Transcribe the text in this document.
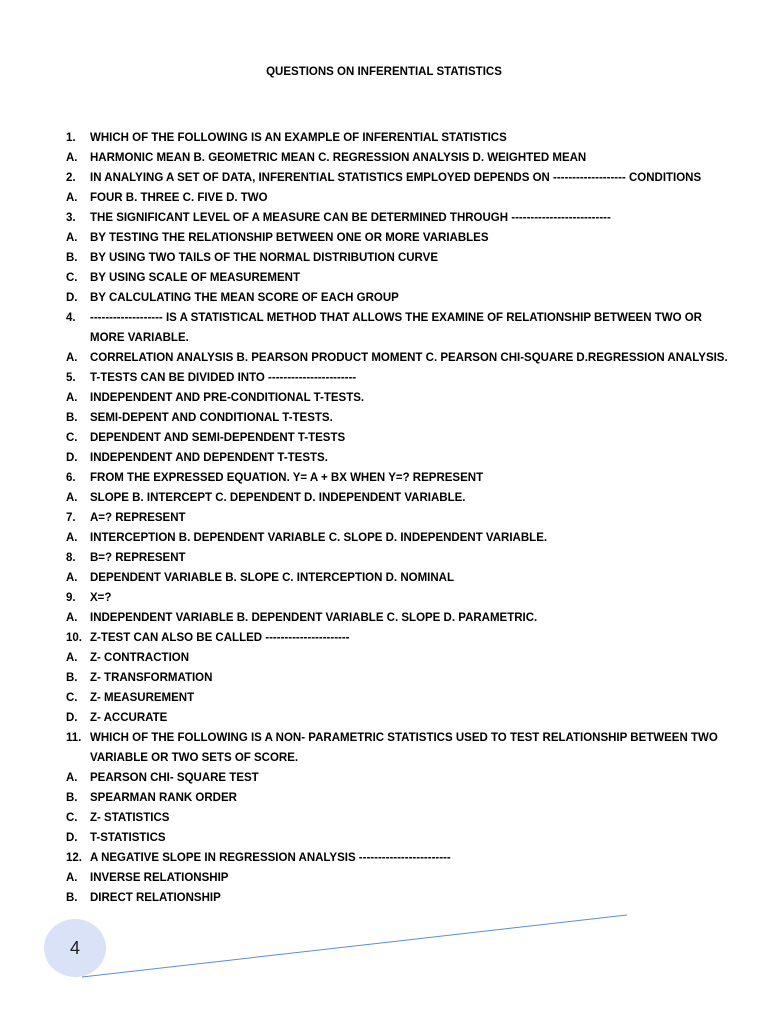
QUESTIONS ON INFERENTIAL STATISTICS
1.	WHICH OF THE FOLLOWING IS AN EXAMPLE OF INFERENTIAL STATISTICS
A.	HARMONIC MEAN B. GEOMETRIC MEAN C. REGRESSION ANALYSIS D. WEIGHTED MEAN
2.	IN ANALYING A SET OF DATA, INFERENTIAL STATISTICS EMPLOYED DEPENDS ON ------------------- CONDITIONS
A.	FOUR B. THREE C. FIVE D. TWO
3.	THE SIGNIFICANT LEVEL OF A MEASURE CAN BE DETERMINED THROUGH --------------------------
A.	BY TESTING THE RELATIONSHIP BETWEEN ONE OR MORE VARIABLES
B.	BY USING TWO TAILS OF THE NORMAL DISTRIBUTION CURVE
C.	BY USING SCALE OF MEASUREMENT
D.	BY CALCULATING THE MEAN SCORE OF EACH GROUP
4.	------------------- IS A STATISTICAL METHOD THAT ALLOWS THE EXAMINE OF RELATIONSHIP BETWEEN TWO OR
MORE VARIABLE.
A.	CORRELATION ANALYSIS B. PEARSON PRODUCT MOMENT C. PEARSON CHI-SQUARE D.REGRESSION ANALYSIS.
5.	T-TESTS CAN BE DIVIDED INTO -----------------------
A.	INDEPENDENT AND PRE-CONDITIONAL T-TESTS.
B.	SEMI-DEPENT AND CONDITIONAL T-TESTS.
C.	DEPENDENT AND SEMI-DEPENDENT T-TESTS
D.	INDEPENDENT AND DEPENDENT T-TESTS.
6.	FROM THE EXPRESSED EQUATION. Y= A + BX WHEN Y=? REPRESENT
A.	SLOPE B. INTERCEPT C. DEPENDENT D. INDEPENDENT VARIABLE.
7.	A=? REPRESENT
A.	INTERCEPTION B. DEPENDENT VARIABLE C. SLOPE D. INDEPENDENT VARIABLE.
8.	B=? REPRESENT
A.	DEPENDENT VARIABLE B. SLOPE C. INTERCEPTION D. NOMINAL
9.	X=?
A.	INDEPENDENT VARIABLE B. DEPENDENT VARIABLE C. SLOPE D. PARAMETRIC.
10. Z-TEST CAN ALSO BE CALLED ----------------------
A.	Z- CONTRACTION
B.	Z- TRANSFORMATION
C.	Z- MEASUREMENT
D.	Z- ACCURATE
11. WHICH OF THE FOLLOWING IS A NON- PARAMETRIC STATISTICS USED TO TEST RELATIONSHIP BETWEEN TWO
VARIABLE OR TWO SETS OF SCORE.
A.	PEARSON CHI- SQUARE TEST
B.	SPEARMAN RANK ORDER
C.	Z- STATISTICS
D.	T-STATISTICS
12. A NEGATIVE SLOPE IN REGRESSION ANALYSIS ------------------------
A.	INVERSE RELATIONSHIP
B.	DIRECT RELATIONSHIP
4
